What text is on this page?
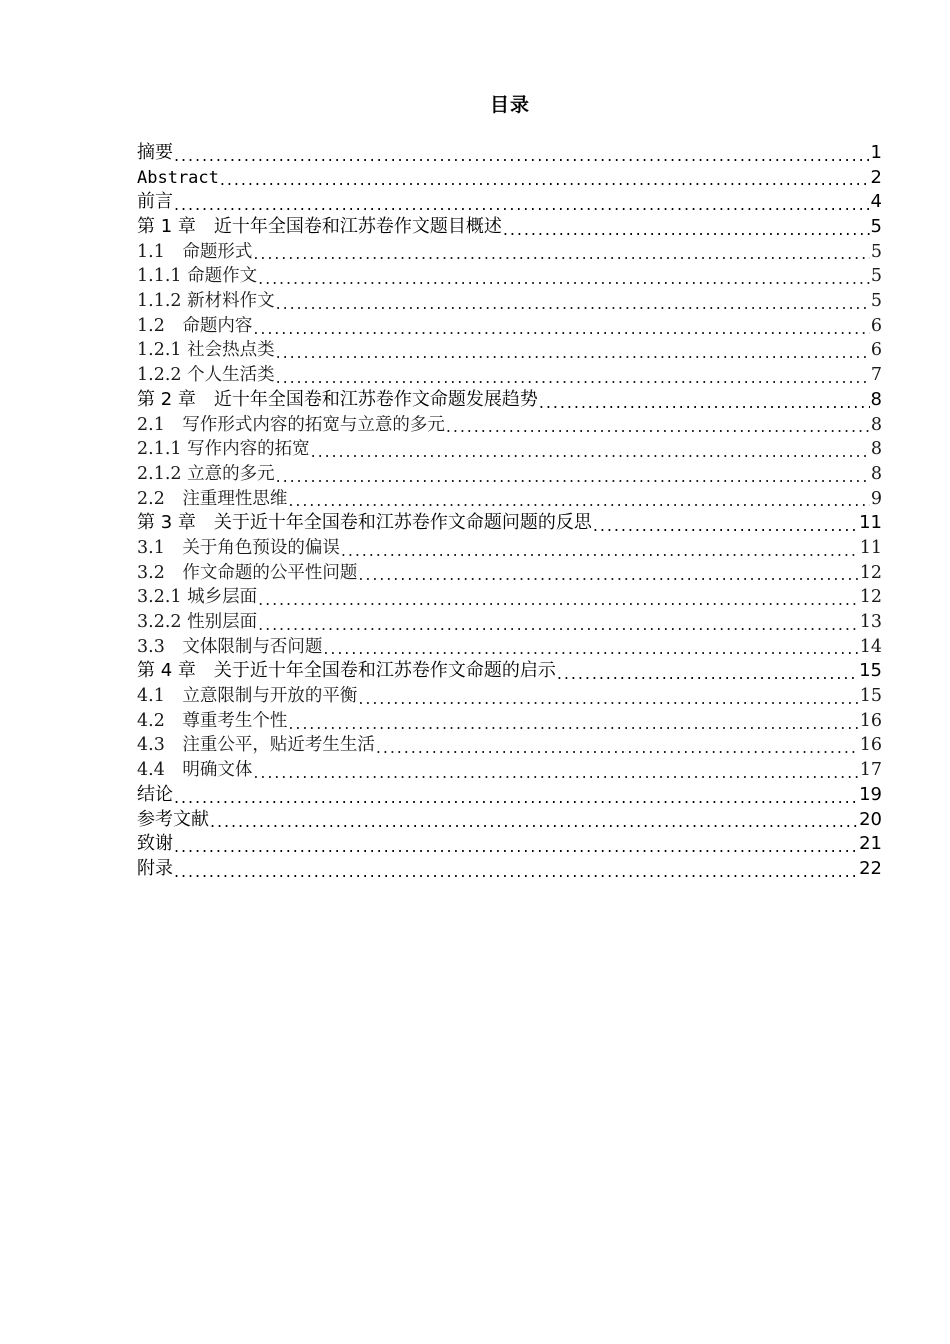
目录
摘要 .....	1
Abstract .....	2
前言 .....	4
第 1 章　近十年全国卷和江苏卷作文题目概述 .....	5
1.1　命题形式 .....	5
1.1.1 命题作文 .....	5
1.1.2 新材料作文 .....	5
1.2　命题内容 .....	6
1.2.1 社会热点类 .....	6
1.2.2 个人生活类 .....	7
第 2 章　近十年全国卷和江苏卷作文命题发展趋势 .....	8
2.1　写作形式内容的拓宽与立意的多元 .....	8
2.1.1 写作内容的拓宽 .....	8
2.1.2 立意的多元 .....	8
2.2　注重理性思维 .....	9
第 3 章　关于近十年全国卷和江苏卷作文命题问题的反思 .....	11
3.1　关于角色预设的偏误 .....	11
3.2　作文命题的公平性问题 .....	12
3.2.1 城乡层面 .....	12
3.2.2 性别层面 .....	13
3.3　文体限制与否问题 .....	14
第 4 章　关于近十年全国卷和江苏卷作文命题的启示 .....	15
4.1　立意限制与开放的平衡 .....	15
4.2　尊重考生个性 .....	16
4.3　注重公平，贴近考生生活 .....	16
4.4　明确文体 .....	17
结论 .....	19
参考文献 .....	20
致谢 .....	21
附录 .....	22
